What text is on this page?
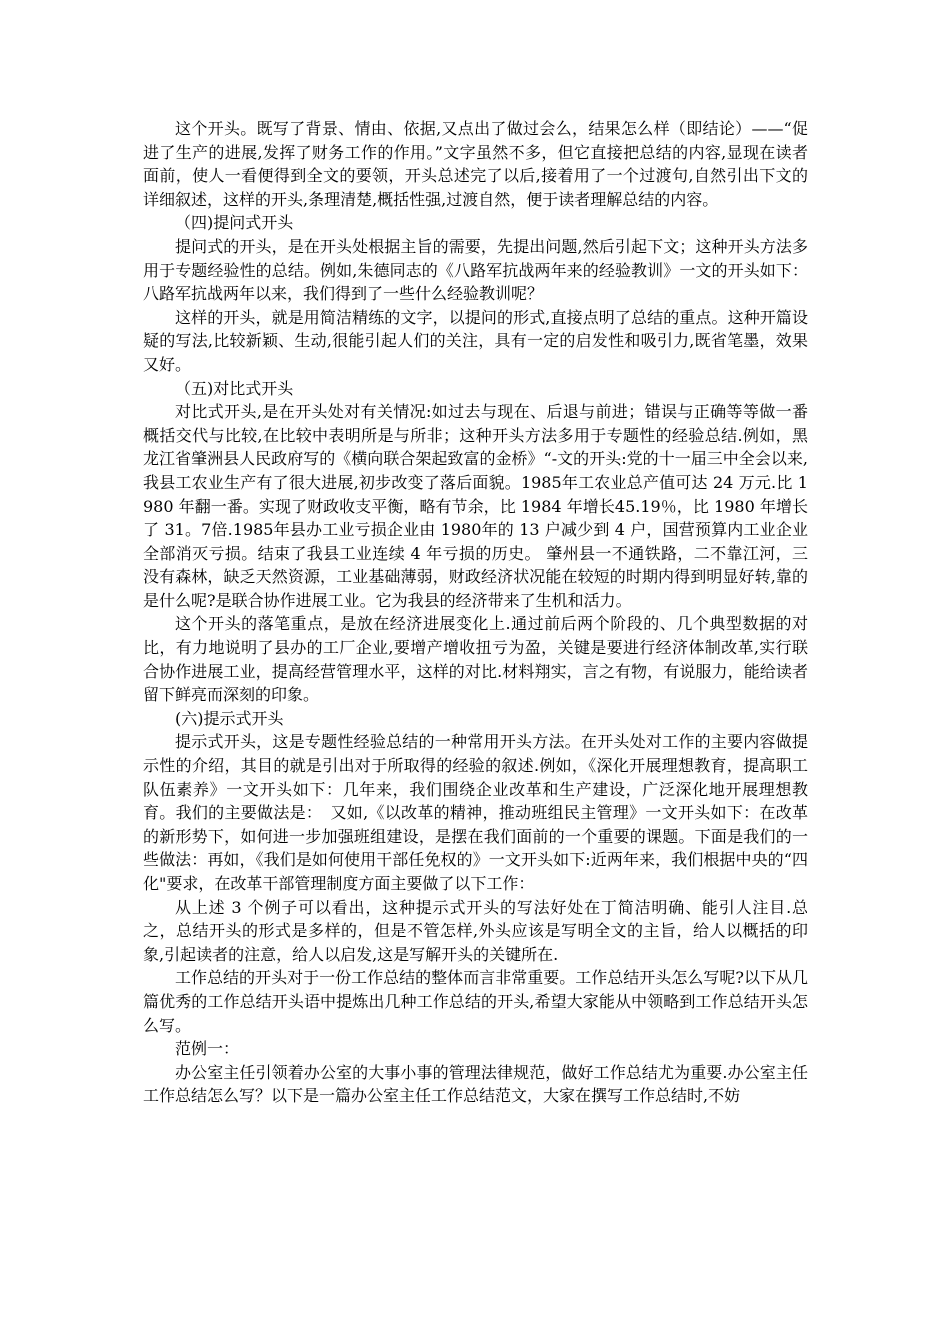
这个开头。既写了背景、情由、依据,又点出了做过会么，结果怎么样（即结论）——“促进了生产的进展,发挥了财务工作的作用。”文字虽然不多，但它直接把总结的内容,显现在读者面前，使人一看便得到全文的要领，开头总述完了以后,接着用了一个过渡句,自然引出下文的详细叙述，这样的开头,条理清楚,概括性强,过渡自然，便于读者理解总结的内容。

（四)提问式开头

提问式的开头，是在开头处根据主旨的需要，先提出问题,然后引起下文；这种开头方法多用于专题经验性的总结。例如,朱德同志的《八路军抗战两年来的经验教训》一文的开头如下： 八路军抗战两年以来，我们得到了一些什么经验教训呢？

这样的开头，就是用简洁精练的文字，以提问的形式,直接点明了总结的重点。这种开篇设疑的写法,比较新颖、生动,很能引起人们的关注，具有一定的启发性和吸引力,既省笔墨，效果又好。

（五)对比式开头

对比式开头,是在开头处对有关情况:如过去与现在、后退与前进；错误与正确等等做一番概括交代与比较,在比较中表明所是与所非；这种开头方法多用于专题性的经验总结.例如，黑龙江省肇洲县人民政府写的《横向联合架起致富的金桥》“-文的开头:党的十一届三中全会以来,我县工农业生产有了很大进展,初步改变了落后面貌。1985年工农业总产值可达 24 万元.比 1980 年翻一番。实现了财政收支平衡，略有节余，比 1984 年增长45.19％，比 1980 年增长了 31。7倍.1985年县办工业亏损企业由 1980年的 13 户减少到 4 户，国营预算内工业企业全部消灭亏损。结束了我县工业连续 4 年亏损的历史。 肇州县一不通铁路，二不靠江河，三没有森林，缺乏天然资源，工业基础薄弱，财政经济状况能在较短的时期内得到明显好转,靠的是什么呢?是联合协作进展工业。它为我县的经济带来了生机和活力。

这个开头的落笔重点，是放在经济进展变化上.通过前后两个阶段的、几个典型数据的对比，有力地说明了县办的工厂企业,要增产增收扭亏为盈，关键是要进行经济体制改革,实行联合协作进展工业，提高经营管理水平，这样的对比.材料翔实，言之有物，有说服力，能给读者留下鲜亮而深刻的印象。

(六)提示式开头

提示式开头，这是专题性经验总结的一种常用开头方法。在开头处对工作的主要内容做提示性的介绍，其目的就是引出对于所取得的经验的叙述.例如，《深化开展理想教育，提高职工队伍素养》一文开头如下：几年来，我们围绕企业改革和生产建设，广泛深化地开展理想教育。我们的主要做法是：　又如,《以改革的精神，推动班组民主管理》一文开头如下：在改革的新形势下，如何进一步加强班组建设，是摆在我们面前的一个重要的课题。下面是我们的一些做法：再如，《我们是如何使用干部任免权的》一文开头如下:近两年来，我们根据中央的“四化"要求，在改革干部管理制度方面主要做了以下工作：

从上述 3 个例子可以看出，这种提示式开头的写法好处在丁简洁明确、能引人注目.总之，总结开头的形式是多样的，但是不管怎样,外头应该是写明全文的主旨，给人以概括的印象,引起读者的注意，给人以启发,这是写解开头的关键所在.

工作总结的开头对于一份工作总结的整体而言非常重要。工作总结开头怎么写呢?以下从几篇优秀的工作总结开头语中提炼出几种工作总结的开头,希望大家能从中领略到工作总结开头怎么写。

范例一：

办公室主任引领着办公室的大事小事的管理法律规范，做好工作总结尤为重要.办公室主任工作总结怎么写？以下是一篇办公室主任工作总结范文，大家在撰写工作总结时,不妨
